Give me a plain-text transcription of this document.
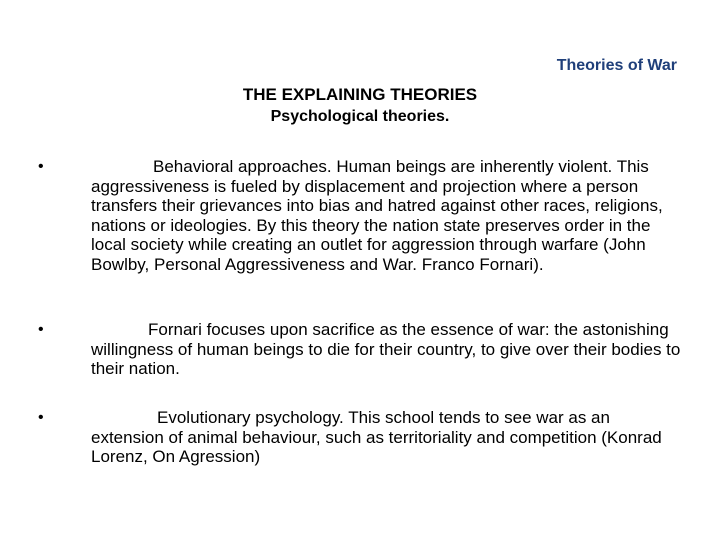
Theories of War
THE EXPLAINING THEORIES
Psychological theories.
•	Behavioral approaches. Human beings are inherently violent. This aggressiveness is fueled by displacement and projection where a person transfers their grievances into bias and hatred against other races, religions, nations or ideologies. By this theory the nation state preserves order in the local society while creating an outlet for aggression through warfare (John Bowlby, Personal Aggressiveness and War. Franco Fornari).

•	Fornari focuses upon sacrifice as the essence of war: the astonishing willingness of human beings to die for their country, to give over their bodies to their nation.

•	Evolutionary psychology. This school tends to see war as an extension of animal behaviour, such as territoriality and competition (Konrad Lorenz, On Agression)
